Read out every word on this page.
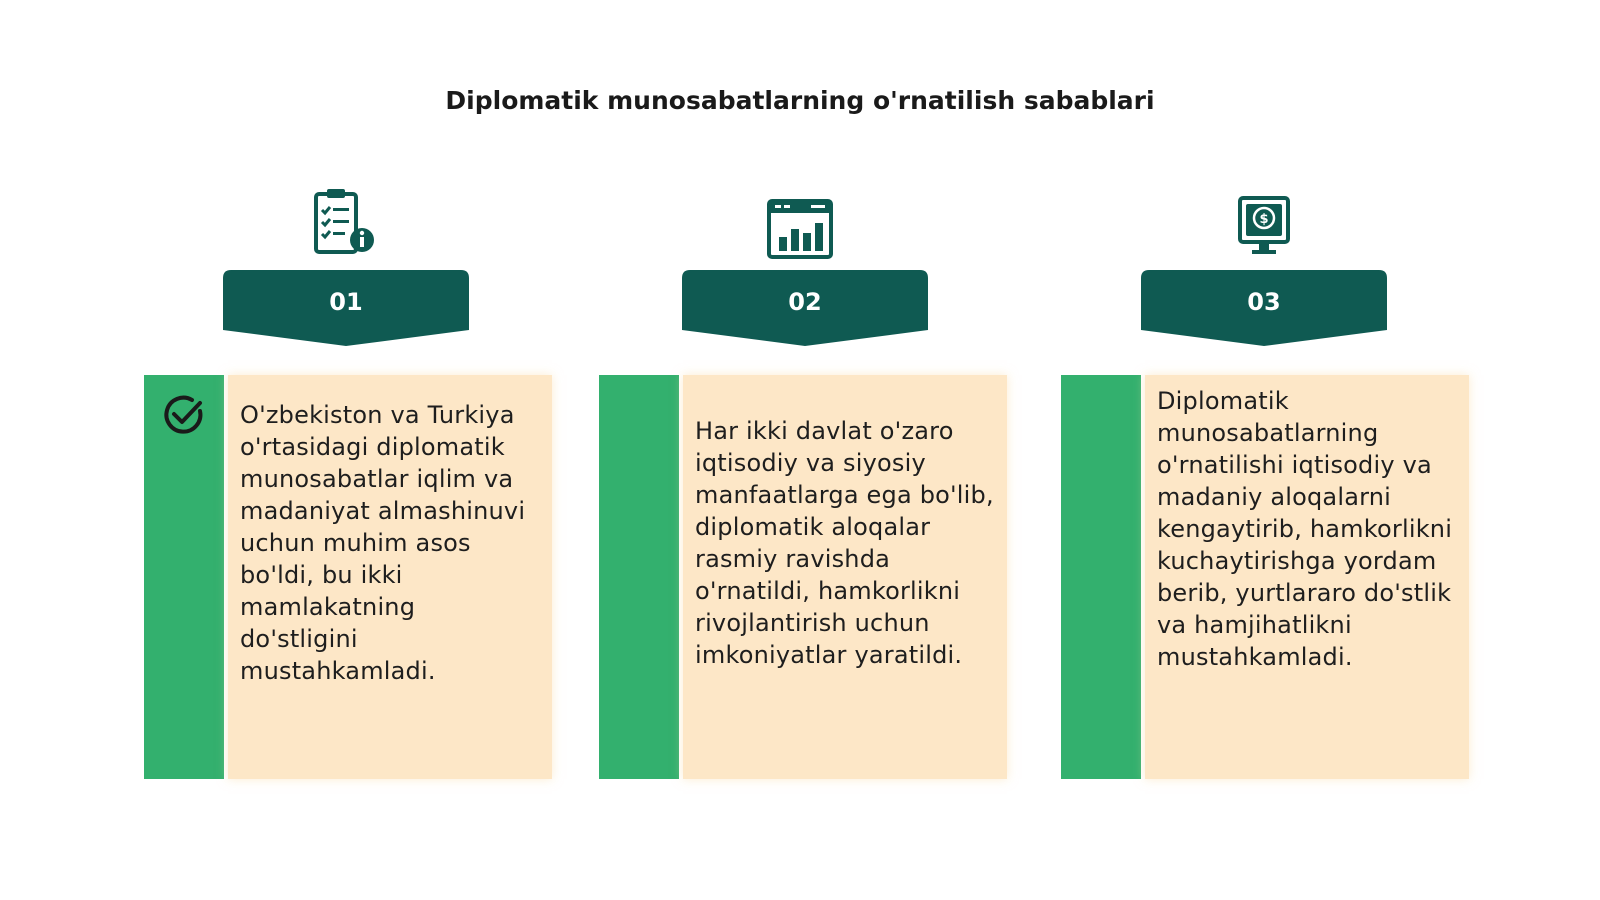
Diplomatik munosabatlarning o'rnatilish sabablari
$
01	02	03
O'zbekiston va Turkiya o'rtasidagi diplomatik munosabatlar iqlim va madaniyat almashinuvi uchun muhim asos bo'ldi, bu ikki mamlakatning do'stligini mustahkamladi.
Har ikki davlat o'zaro iqtisodiy va siyosiy manfaatlarga ega bo'lib, diplomatik aloqalar rasmiy ravishda o'rnatildi, hamkorlikni rivojlantirish uchun imkoniyatlar yaratildi.
Diplomatik munosabatlarning o'rnatilishi iqtisodiy va madaniy aloqalarni kengaytirib, hamkorlikni kuchaytirishga yordam berib, yurtlararo do'stlik va hamjihatlikni mustahkamladi.
